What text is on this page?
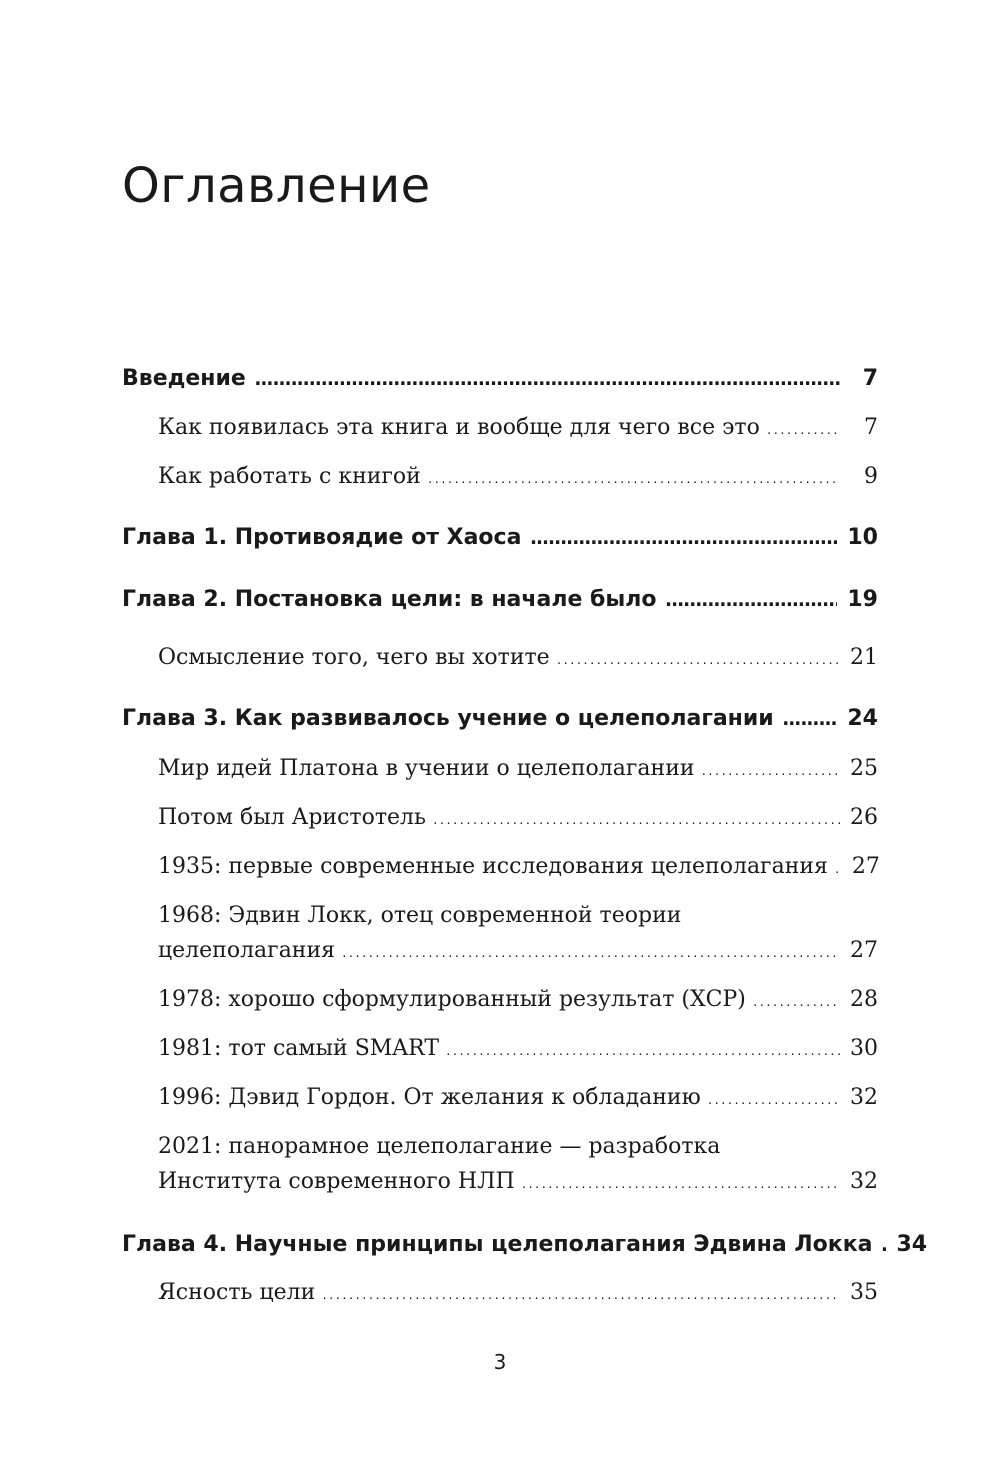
Оглавление
Введение .....	7
Как появилась эта книга и вообще для чего все это .....	7
Как работать с книгой .....	9
Глава 1. Противоядие от Хаоса .....	10
Глава 2. Постановка цели: в начале было .....	19
Осмысление того, чего вы хотите .....	21
Глава 3. Как развивалось учение о целеполагании .....	24
Мир идей Платона в учении о целеполагании .....	25
Потом был Аристотель .....	26
1935: первые современные исследования целеполагания ..... 27
1968: Эдвин Локк, отец современной теории
целеполагания .....	27
1978: хорошо сформулированный результат (ХСР) .....	28
1981: тот самый SMART .....	30
1996: Дэвид Гордон. От желания к обладанию .....	32
2021: панорамное целеполагание — разработка
Института современного НЛП .....	32
Глава 4. Научные принципы целеполагания Эдвина Локка ..... 34
Ясность цели .....	35
3
